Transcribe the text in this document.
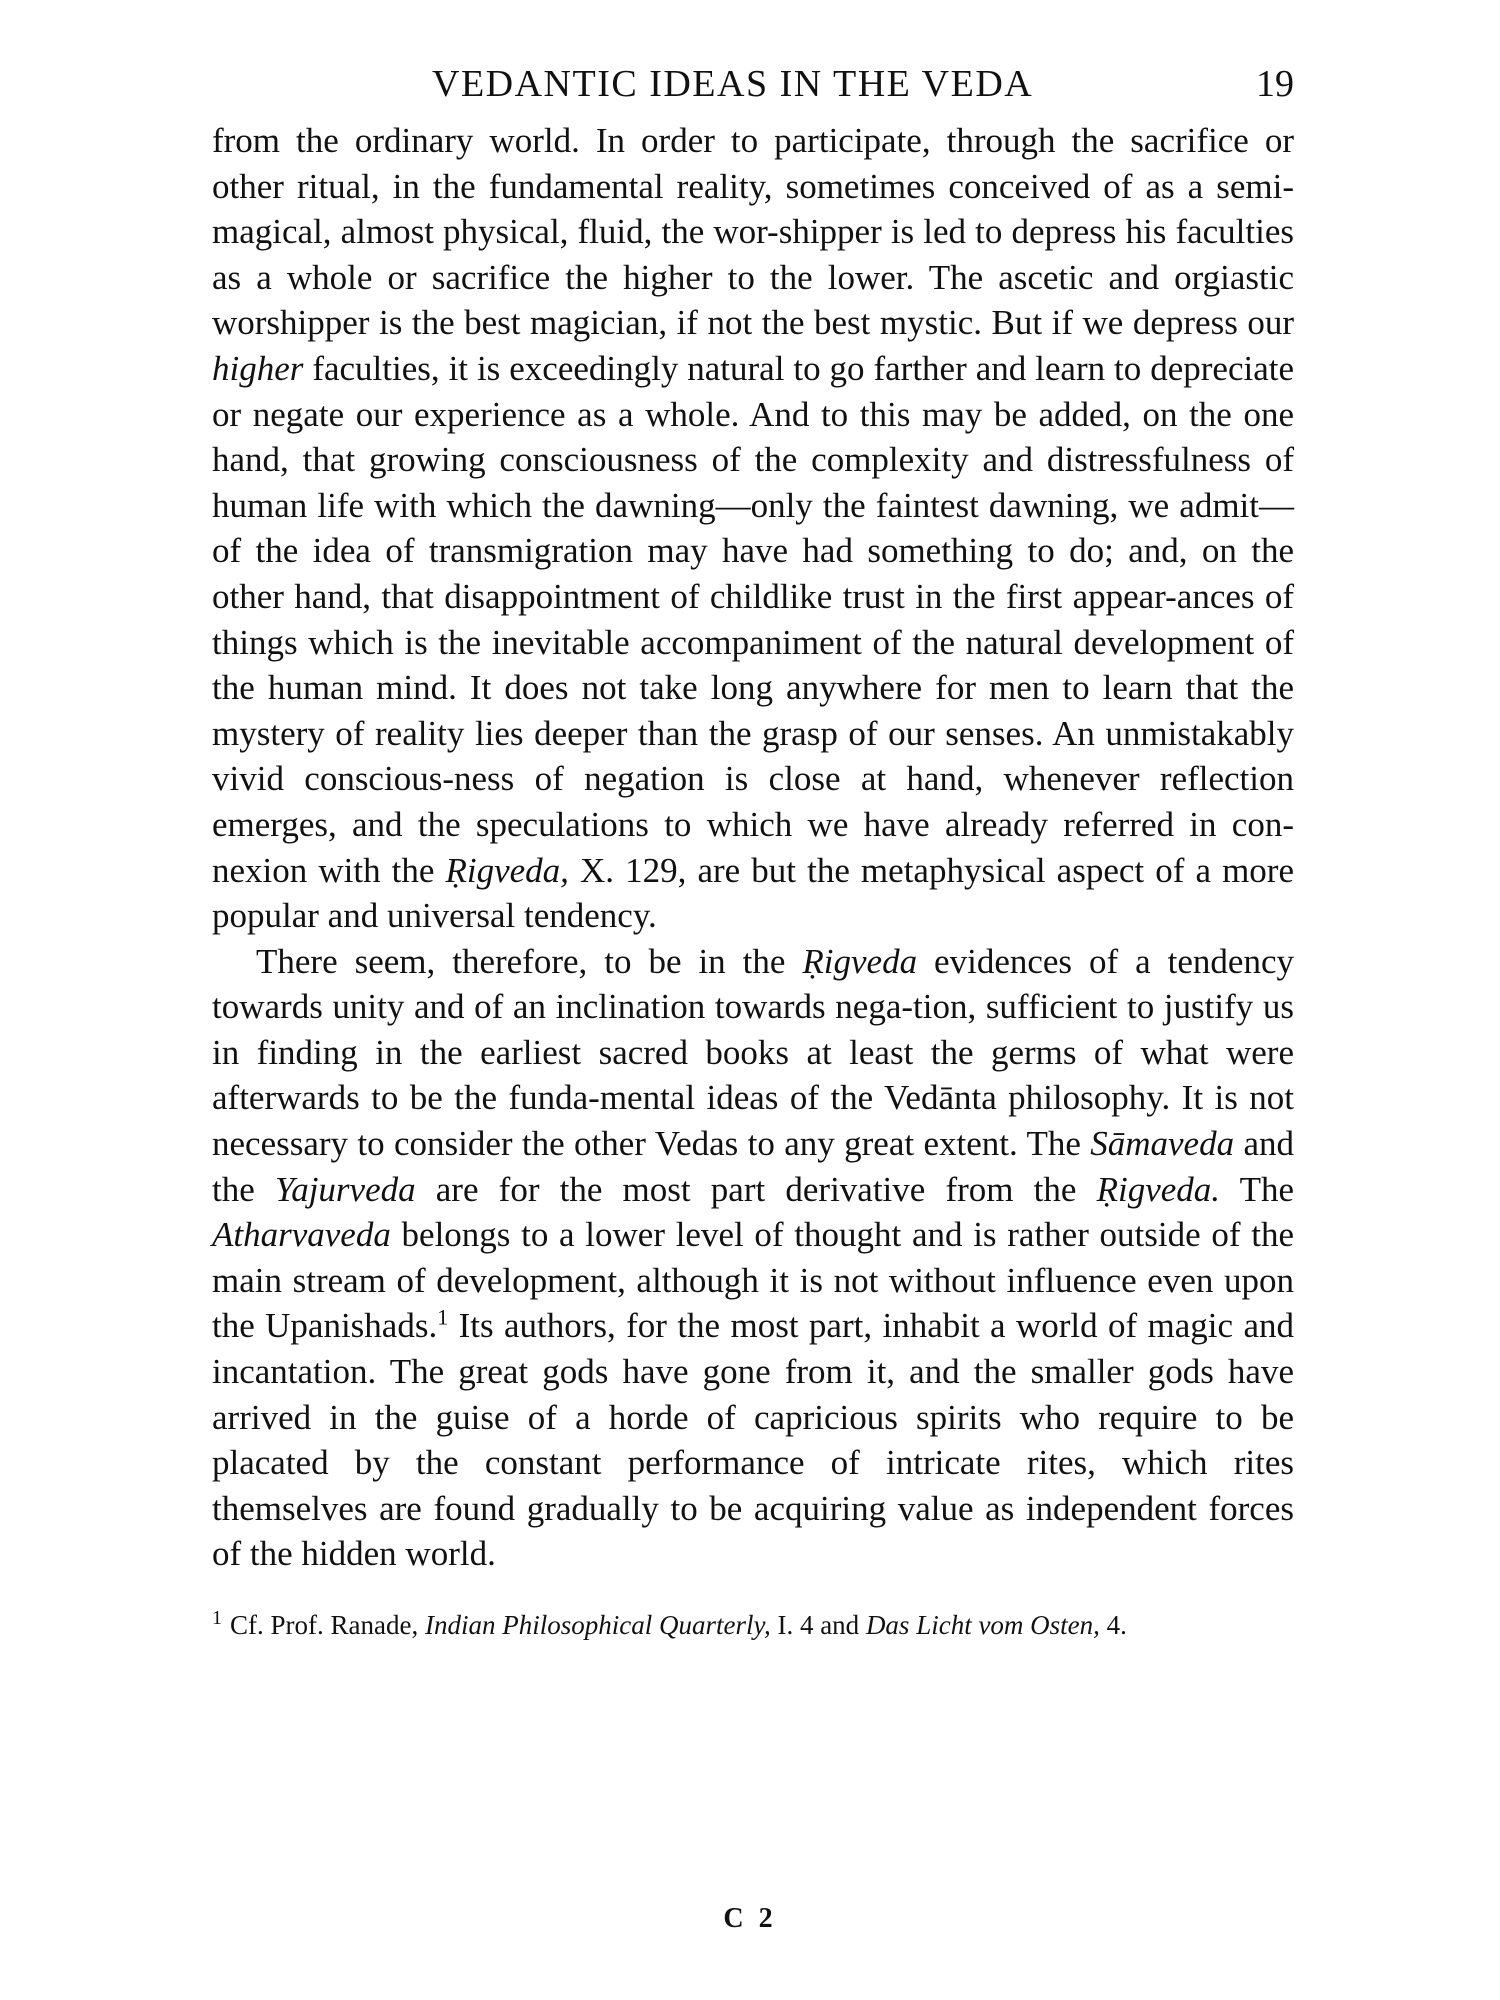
VEDANTIC IDEAS IN THE VEDA	19

from the ordinary world. In order to participate, through the sacrifice or other ritual, in the fundamental reality, sometimes conceived of as a semi-magical, almost physical, fluid, the wor-shipper is led to depress his faculties as a whole or sacrifice the higher to the lower. The ascetic and orgiastic worshipper is the best magician, if not the best mystic. But if we depress our higher faculties, it is exceedingly natural to go farther and learn to depreciate or negate our experience as a whole. And to this may be added, on the one hand, that growing consciousness of the complexity and distressfulness of human life with which the dawning—only the faintest dawning, we admit—of the idea of transmigration may have had something to do; and, on the other hand, that disappointment of childlike trust in the first appear-ances of things which is the inevitable accompaniment of the natural development of the human mind. It does not take long anywhere for men to learn that the mystery of reality lies deeper than the grasp of our senses. An unmistakably vivid conscious-ness of negation is close at hand, whenever reflection emerges, and the speculations to which we have already referred in con-nexion with the Ṛigveda, X. 129, are but the metaphysical aspect of a more popular and universal tendency.

There seem, therefore, to be in the Ṛigveda evidences of a tendency towards unity and of an inclination towards nega-tion, sufficient to justify us in finding in the earliest sacred books at least the germs of what were afterwards to be the funda-mental ideas of the Vedānta philosophy. It is not necessary to consider the other Vedas to any great extent. The Sāmaveda and the Yajurveda are for the most part derivative from the Ṛigveda. The Atharvaveda belongs to a lower level of thought and is rather outside of the main stream of development, although it is not without influence even upon the Upanishads.$^1$ Its authors, for the most part, inhabit a world of magic and incantation. The great gods have gone from it, and the smaller gods have arrived in the guise of a horde of capricious spirits who require to be placated by the constant performance of intricate rites, which rites themselves are found gradually to be acquiring value as independent forces of the hidden world.

$^1$ Cf. Prof. Ranade, Indian Philosophical Quarterly, I. 4 and Das Licht vom Osten, 4.

C 2
